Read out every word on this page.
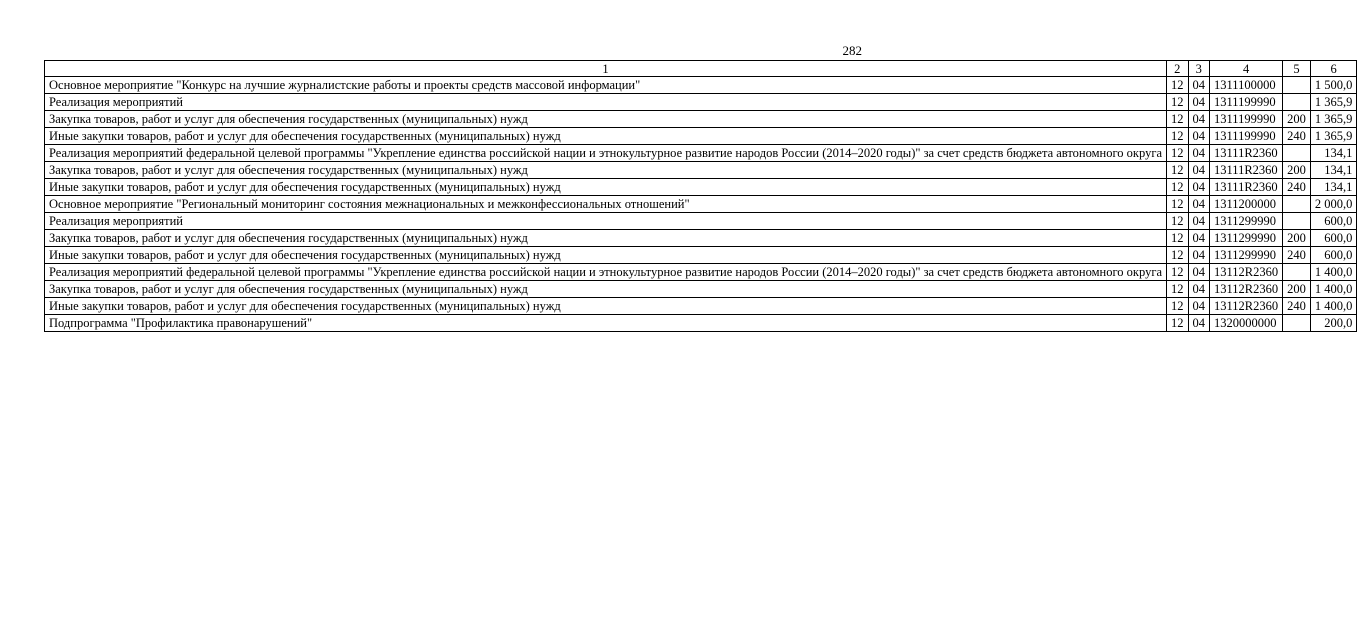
282
1	2	3	4	5	6
Основное мероприятие "Конкурс на лучшие журналистские работы и проекты средств массовой информации"	12	04	1311100000		1 500,0
Реализация мероприятий	12	04	1311199990		1 365,9
Закупка товаров, работ и услуг для обеспечения государственных (муниципальных) нужд	12	04	1311199990	200	1 365,9
Иные закупки товаров, работ и услуг для обеспечения государственных (муниципальных) нужд	12	04	1311199990	240	1 365,9
Реализация мероприятий федеральной целевой программы "Укрепление единства российской нации и этнокультурное развитие народов России (2014–2020 годы)" за счет средств бюджета автономного округа	12	04	13111R2360		134,1
Закупка товаров, работ и услуг для обеспечения государственных (муниципальных) нужд	12	04	13111R2360	200	134,1
Иные закупки товаров, работ и услуг для обеспечения государственных (муниципальных) нужд	12	04	13111R2360	240	134,1
Основное мероприятие "Региональный мониторинг состояния межнациональных и межконфессиональных отношений"	12	04	1311200000		2 000,0
Реализация мероприятий	12	04	1311299990		600,0
Закупка товаров, работ и услуг для обеспечения государственных (муниципальных) нужд	12	04	1311299990	200	600,0
Иные закупки товаров, работ и услуг для обеспечения государственных (муниципальных) нужд	12	04	1311299990	240	600,0
Реализация мероприятий федеральной целевой программы "Укрепление единства российской нации и этнокультурное развитие народов России (2014–2020 годы)" за счет средств бюджета автономного округа	12	04	13112R2360		1 400,0
Закупка товаров, работ и услуг для обеспечения государственных (муниципальных) нужд	12	04	13112R2360	200	1 400,0
Иные закупки товаров, работ и услуг для обеспечения государственных (муниципальных) нужд	12	04	13112R2360	240	1 400,0
Подпрограмма "Профилактика правонарушений"	12	04	1320000000		200,0
